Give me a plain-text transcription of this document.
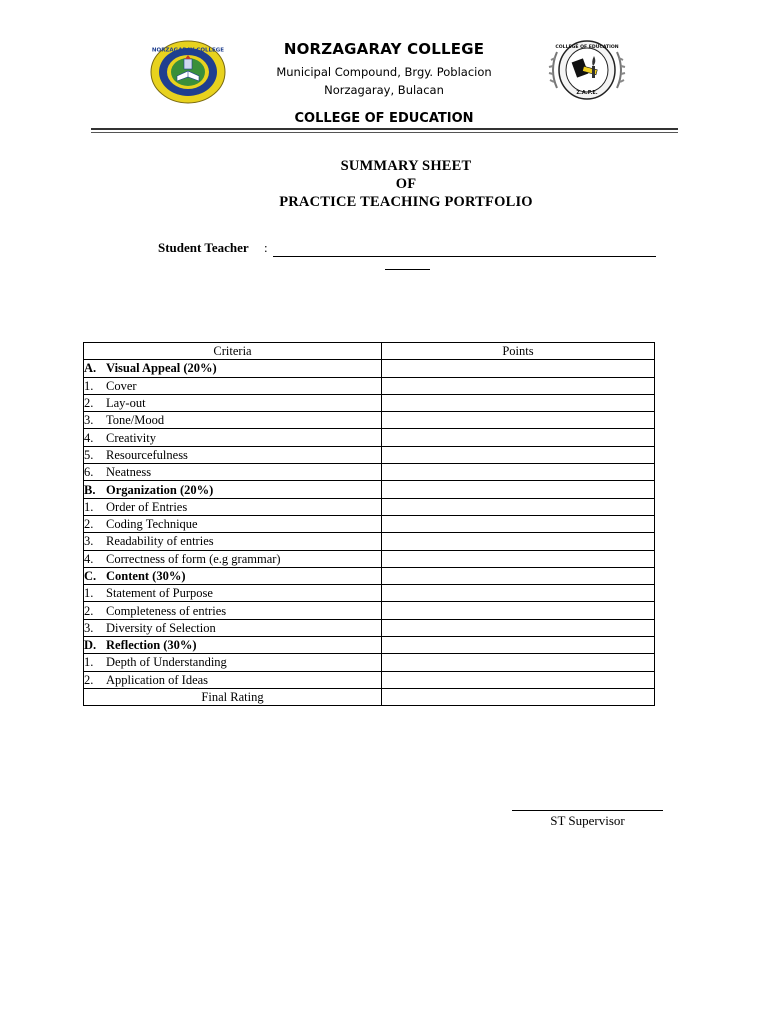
NORZAGARAY COLLEGE	COLLEGE OF EDUCATION
Z.A.P.E.
NORZAGARAY COLLEGE
Municipal Compound, Brgy. Poblacion
Norzagaray, Bulacan
COLLEGE OF EDUCATION
SUMMARY SHEET
OF
PRACTICE TEACHING PORTFOLIO
Student Teacher :
Criteria	Points
A. Visual Appeal (20%)	
1. Cover	
2. Lay-out	
3. Tone/Mood	
4. Creativity	
5. Resourcefulness	
6. Neatness	
B. Organization (20%)	
1. Order of Entries	
2. Coding Technique	
3. Readability of entries	
4. Correctness of form (e.g grammar)	
C. Content (30%)	
1. Statement of Purpose	
2. Completeness of entries	
3. Diversity of Selection	
D. Reflection (30%)	
1. Depth of Understanding	
2. Application of Ideas	
Final Rating	
ST Supervisor
